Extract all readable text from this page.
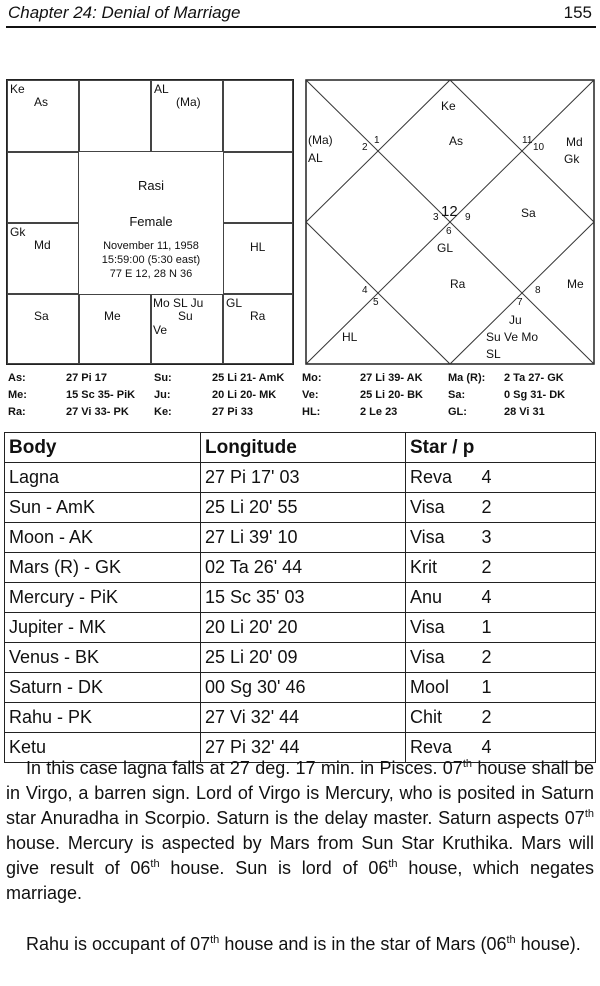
Chapter 24: Denial of Marriage	155
Ke
As
AL
(Ma)
Gk
Md	HL
Sa	Me
Mo SL Ju
Su
Ve
GL
Ra
Rasi
Female
November 11, 1958
15:59:00 (5:30 east)
77 E 12, 28 N 36
Ke
As
(Ma)
AL
Md
Gk
Sa
GL
Ra	Me
HL
Ju
Su Ve Mo
SL
1
2
11
10
12
3	9
6
4
5	7
8
As:	27 Pi 17	Su:	25 Li 21- AmK Mo:	27 Li 39- AK Ma (R): 2 Ta 27- GK
Me:	15 Sc 35- PiK Ju:	20 Li 20- MK Ve:	25 Li 20- BK Sa:	0 Sg 31- DK
Ra:	27 Vi 33- PK Ke:	27 Pi 33	HL:	2 Le 23	GL:	28 Vi 31
Body	Longitude	Star / p	
Lagna	27 Pi 17' 03	Reva	4
Sun - AmK	25 Li 20' 55	Visa	2
Moon - AK	27 Li 39' 10	Visa	3
Mars (R) - GK	02 Ta 26' 44	Krit	2
Mercury - PiK	15 Sc 35' 03	Anu	4
Jupiter - MK	20 Li 20' 20	Visa	1
Venus - BK	25 Li 20' 09	Visa	2
Saturn - DK	00 Sg 30' 46	Mool	1
Rahu - PK	27 Vi 32' 44	Chit	2
Ketu	27 Pi 32' 44	Reva	4

In this case lagna falls at 27 deg. 17 min. in Pisces. 07th house shall be in Virgo, a barren sign. Lord of Virgo is Mercury, who is posited in Saturn star Anuradha in Scorpio. Saturn is the delay master. Saturn aspects 07th house. Mercury is aspected by Mars from Sun Star Kruthika. Mars will give result of 06th house. Sun is lord of 06th house, which negates marriage.

Rahu is occupant of 07th house and is in the star of Mars (06th house).
